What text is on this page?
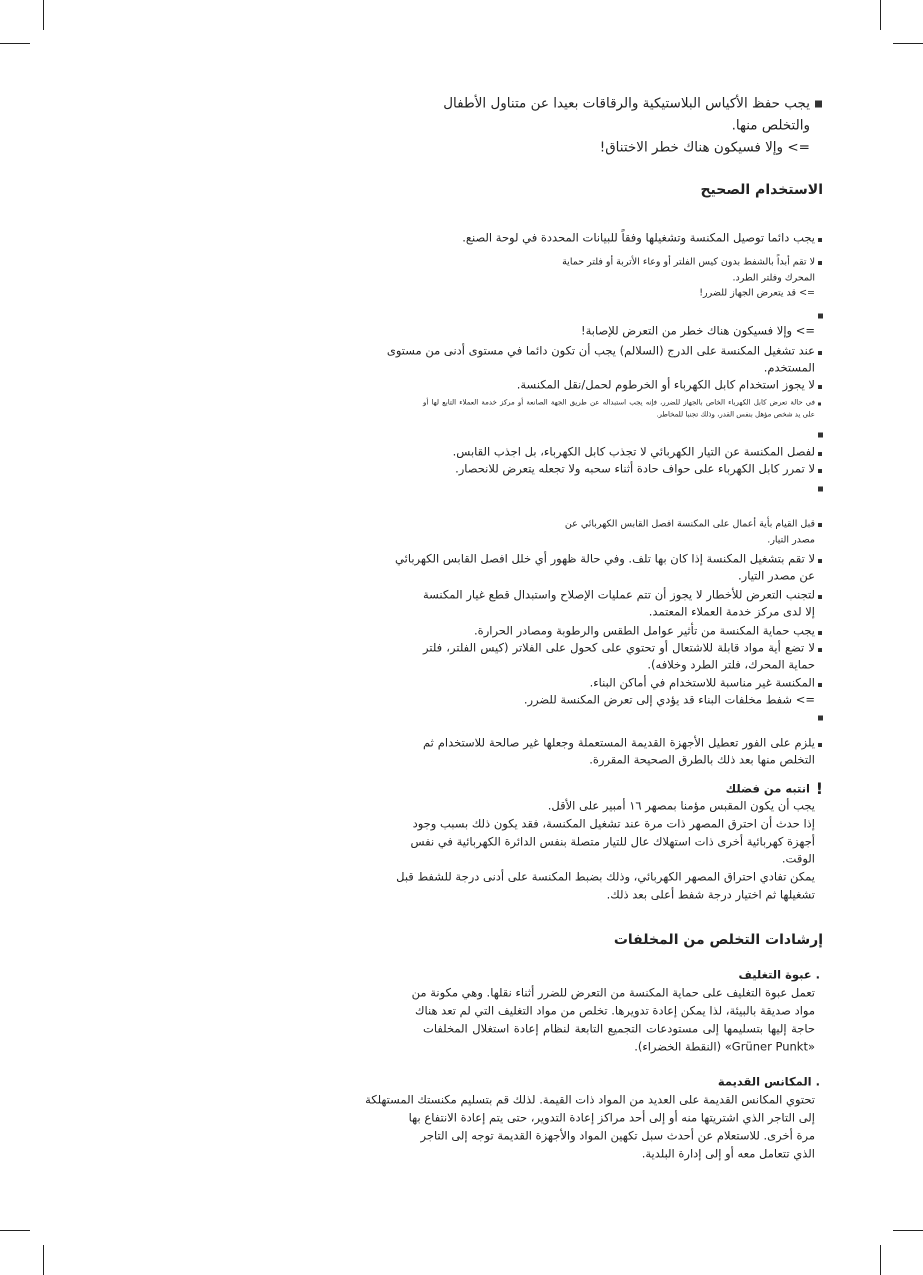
يجب حفظ الأكياس البلاستيكية والرقاقات بعيدا عن متناول الأطفال
والتخلص منها.
=> وإلا فسيكون هناك خطر الاختناق!
الاستخدام الصحيح
يجب دائما توصيل المكنسة وتشغيلها وفقاً للبيانات المحددة في لوحة الصنع.
لا تقم أبداً بالشفط بدون كيس الفلتر أو وعاء الأتربة أو فلتر حماية
المحرك وفلتر الطرد.
=> قد يتعرض الجهاز للضرر!
=> وإلا فسيكون هناك خطر من التعرض للإصابة!
عند تشغيل المكنسة على الدرج (السلالم) يجب أن تكون دائما في مستوى أدنى من مستوى
المستخدم.
لا يجوز استخدام كابل الكهرباء أو الخرطوم لحمل/نقل المكنسة.
في حالة تعرض كابل الكهرباء الخاص بالجهاز للضرر، فإنه يجب استبداله عن طريق الجهة الصانعة أو مركز خدمة العملاء التابع لها أو
على يد شخص مؤهل بنفس القدر، وذلك تجنبا للمخاطر.
لفصل المكنسة عن التيار الكهربائي لا تجذب كابل الكهرباء، بل اجذب القابس.
لا تمرر كابل الكهرباء على حواف حادة أثناء سحبه ولا تجعله يتعرض للانحصار.
قبل القيام بأية أعمال على المكنسة افصل القابس الكهربائي عن
مصدر التيار.
لا تقم بتشغيل المكنسة إذا كان بها تلف. وفي حالة ظهور أي خلل افصل القابس الكهربائي
عن مصدر التيار.
لتجنب التعرض للأخطار لا يجوز أن تتم عمليات الإصلاح واستبدال قطع غيار المكنسة
إلا لدى مركز خدمة العملاء المعتمد.
يجب حماية المكنسة من تأثير عوامل الطقس والرطوبة ومصادر الحرارة.
لا تضع أية مواد قابلة للاشتعال أو تحتوي على كحول على الفلاتر (كيس الفلتر، فلتر
حماية المحرك، فلتر الطرد وخلافه).
المكنسة غير مناسبة للاستخدام في أماكن البناء.
=> شفط مخلفات البناء قد يؤدي إلى تعرض المكنسة للضرر.
يلزم على الفور تعطيل الأجهزة القديمة المستعملة وجعلها غير صالحة للاستخدام ثم
التخلص منها بعد ذلك بالطرق الصحيحة المقررة.
!
انتبه من فضلك
يجب أن يكون المقبس مؤمنا بمصهر ١٦ أمبير على الأقل.
إذا حدث أن احترق المصهر ذات مرة عند تشغيل المكنسة، فقد يكون ذلك بسبب وجود
أجهزة كهربائية أخرى ذات استهلاك عال للتيار متصلة بنفس الدائرة الكهربائية في نفس
الوقت.
يمكن تفادي احتراق المصهر الكهربائي، وذلك بضبط المكنسة على أدنى درجة للشفط قبل
تشغيلها ثم اختيار درجة شفط أعلى بعد ذلك.
إرشادات التخلص من المخلفات
. عبوة التغليف
تعمل عبوة التغليف على حماية المكنسة من التعرض للضرر أثناء نقلها. وهي مكونة من
مواد صديقة بالبيئة، لذا يمكن إعادة تدويرها. تخلص من مواد التغليف التي لم تعد هناك
حاجة إليها بتسليمها إلى مستودعات التجميع التابعة لنظام إعادة استغلال المخلفات
«Grüner Punkt» (النقطة الخضراء).
. المكانس القديمة
تحتوي المكانس القديمة على العديد من المواد ذات القيمة. لذلك قم بتسليم مكنستك المستهلكة
إلى التاجر الذي اشتريتها منه أو إلى أحد مراكز إعادة التدوير، حتى يتم إعادة الانتفاع بها
مرة أخرى. للاستعلام عن أحدث سبل تكهين المواد والأجهزة القديمة توجه إلى التاجر
الذي تتعامل معه أو إلى إدارة البلدية.
